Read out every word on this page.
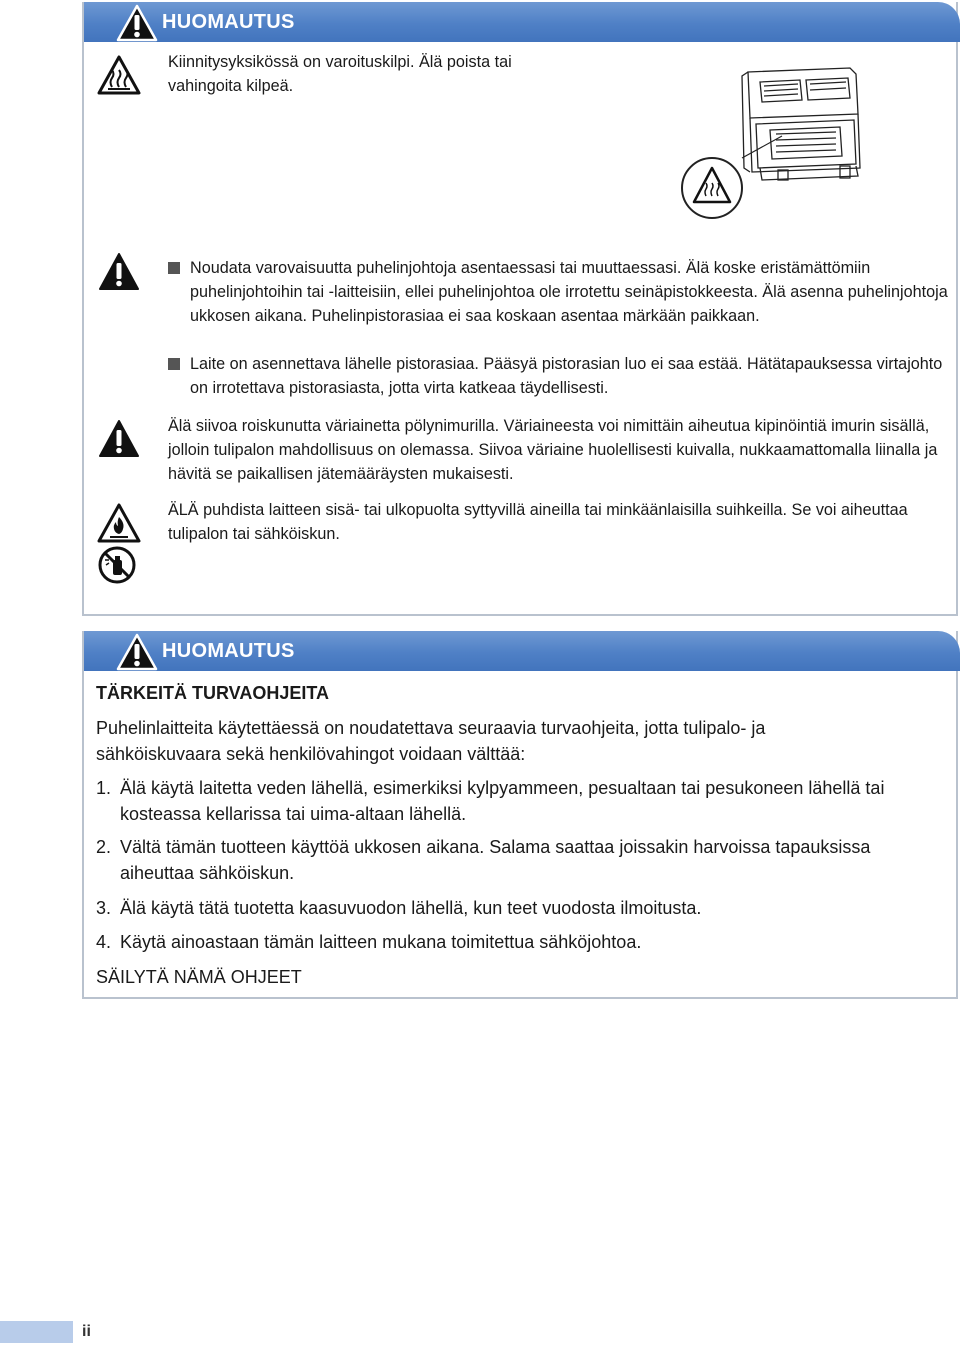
HUOMAUTUS

Kiinnitysyksikössä on varoituskilpi. Älä poista tai vahingoita kilpeä.

Noudata varovaisuutta puhelinjohtoja asentaessasi tai muuttaessasi. Älä koske eristämättömiin puhelinjohtoihin tai -laitteisiin, ellei puhelinjohtoa ole irrotettu seinäpistokkeesta. Älä asenna puhelinjohtoja ukkosen aikana. Puhelinpistorasiaa ei saa koskaan asentaa märkään paikkaan.

Laite on asennettava lähelle pistorasiaa. Pääsyä pistorasian luo ei saa estää. Hätätapauksessa virtajohto on irrotettava pistorasiasta, jotta virta katkeaa täydellisesti.

Älä siivoa roiskunutta väriainetta pölynimurilla. Väriaineesta voi nimittäin aiheutua kipinöintiä imurin sisällä, jolloin tulipalon mahdollisuus on olemassa. Siivoa väriaine huolellisesti kuivalla, nukkaamattomalla liinalla ja hävitä se paikallisen jätemääräysten mukaisesti.

ÄLÄ puhdista laitteen sisä- tai ulkopuolta syttyvillä aineilla tai minkäänlaisilla suihkeilla. Se voi aiheuttaa tulipalon tai sähköiskun.

HUOMAUTUS

TÄRKEITÄ TURVAOHJEITA

Puhelinlaitteita käytettäessä on noudatettava seuraavia turvaohjeita, jotta tulipalo- ja sähköiskuvaara sekä henkilövahingot voidaan välttää:

1. Älä käytä laitetta veden lähellä, esimerkiksi kylpyammeen, pesualtaan tai pesukoneen lähellä tai kosteassa kellarissa tai uima-altaan lähellä.

2. Vältä tämän tuotteen käyttöä ukkosen aikana. Salama saattaa joissakin harvoissa tapauksissa aiheuttaa sähköiskun.

3. Älä käytä tätä tuotetta kaasuvuodon lähellä, kun teet vuodosta ilmoitusta.

4. Käytä ainoastaan tämän laitteen mukana toimitettua sähköjohtoa.

SÄILYTÄ NÄMÄ OHJEET

ii
